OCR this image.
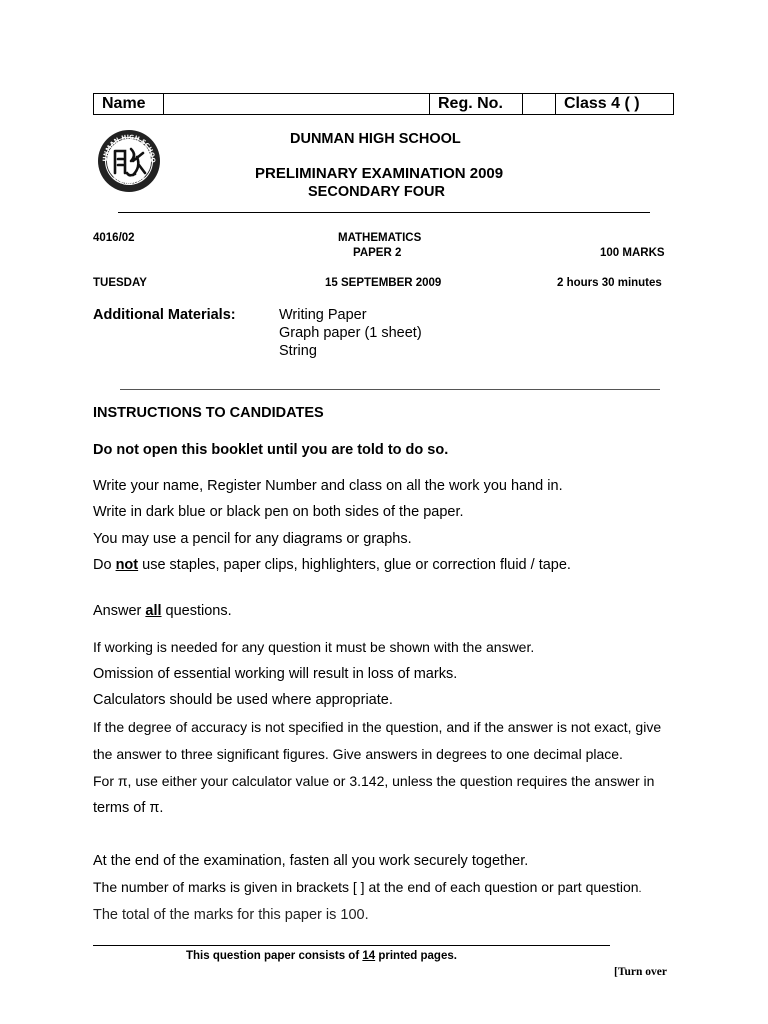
Name	Reg. No.	Class 4 ( )
UNMAN HIGH SCHOO
SINGAPORE
DUNMAN HIGH SCHOOL
PRELIMINARY EXAMINATION 2009
SECONDARY FOUR
4016/02	MATHEMATICS
PAPER 2	100 MARKS
TUESDAY	15 SEPTEMBER 2009	2 hours 30 minutes
Additional Materials:	Writing Paper
Graph paper (1 sheet)
String
INSTRUCTIONS TO CANDIDATES
Do not open this booklet until you are told to do so.
Write your name, Register Number and class on all the work you hand in.
Write in dark blue or black pen on both sides of the paper.
You may use a pencil for any diagrams or graphs.
Do not use staples, paper clips, highlighters, glue or correction fluid / tape.
Answer all questions.
If working is needed for any question it must be shown with the answer.
Omission of essential working will result in loss of marks.
Calculators should be used where appropriate.
If the degree of accuracy is not specified in the question, and if the answer is not exact, give
the answer to three significant figures. Give answers in degrees to one decimal place.
For π, use either your calculator value or 3.142, unless the question requires the answer in
terms of π.
At the end of the examination, fasten all you work securely together.
The number of marks is given in brackets [ ] at the end of each question or part question.
The total of the marks for this paper is 100.
This question paper consists of 14 printed pages.
[Turn over
